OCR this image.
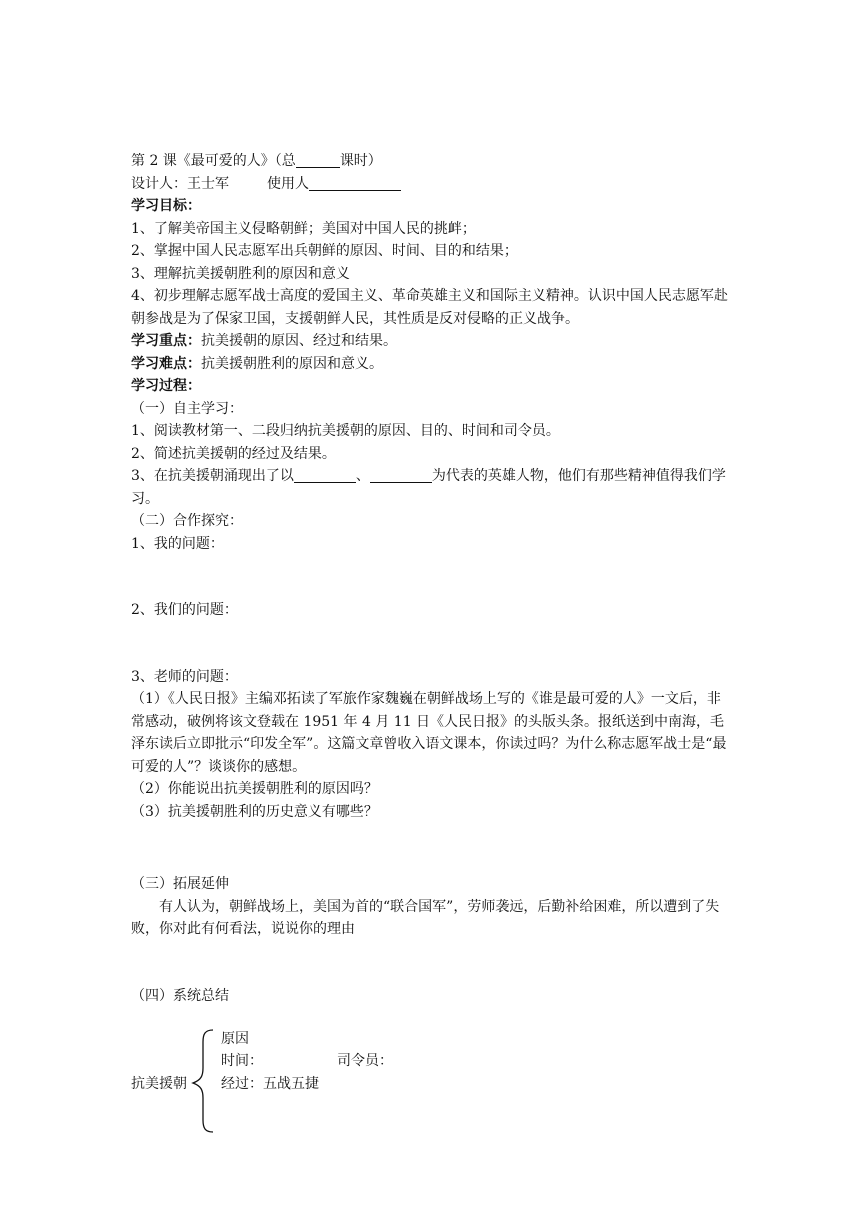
第 2 课《最可爱的人》（总	课时）
设计人：王士军	使用人
学习目标：
1、了解美帝国主义侵略朝鲜；美国对中国人民的挑衅；
2、掌握中国人民志愿军出兵朝鲜的原因、时间、目的和结果；
3、理解抗美援朝胜利的原因和意义
4、初步理解志愿军战士高度的爱国主义、革命英雄主义和国际主义精神。认识中国人民志愿军赴朝参战是为了保家卫国，支援朝鲜人民，其性质是反对侵略的正义战争。
学习重点：抗美援朝的原因、经过和结果。
学习难点：抗美援朝胜利的原因和意义。
学习过程：
（一）自主学习：
1、阅读教材第一、二段归纳抗美援朝的原因、目的、时间和司令员。
2、简述抗美援朝的经过及结果。
3、在抗美援朝涌现出了以	、	为代表的英雄人物，他们有那些精神值得我们学习。
（二）合作探究：
1、我的问题：
2、我们的问题：
3、老师的问题：
（1）《人民日报》主编邓拓读了军旅作家魏巍在朝鲜战场上写的《谁是最可爱的人》一文后，非常感动，破例将该文登载在 1951 年 4 月 11 日《人民日报》的头版头条。报纸送到中南海，毛泽东读后立即批示“印发全军”。这篇文章曾收入语文课本，你读过吗？为什么称志愿军战士是“最可爱的人”？谈谈你的感想。
（2）你能说出抗美援朝胜利的原因吗？
（3）抗美援朝胜利的历史意义有哪些？
（三）拓展延伸
有人认为，朝鲜战场上，美国为首的“联合国军”，劳师袭远，后勤补给困难，所以遭到了失败，你对此有何看法，说说你的理由
（四）系统总结
抗美援朝
原因
时间：	司令员：
经过：五战五捷
